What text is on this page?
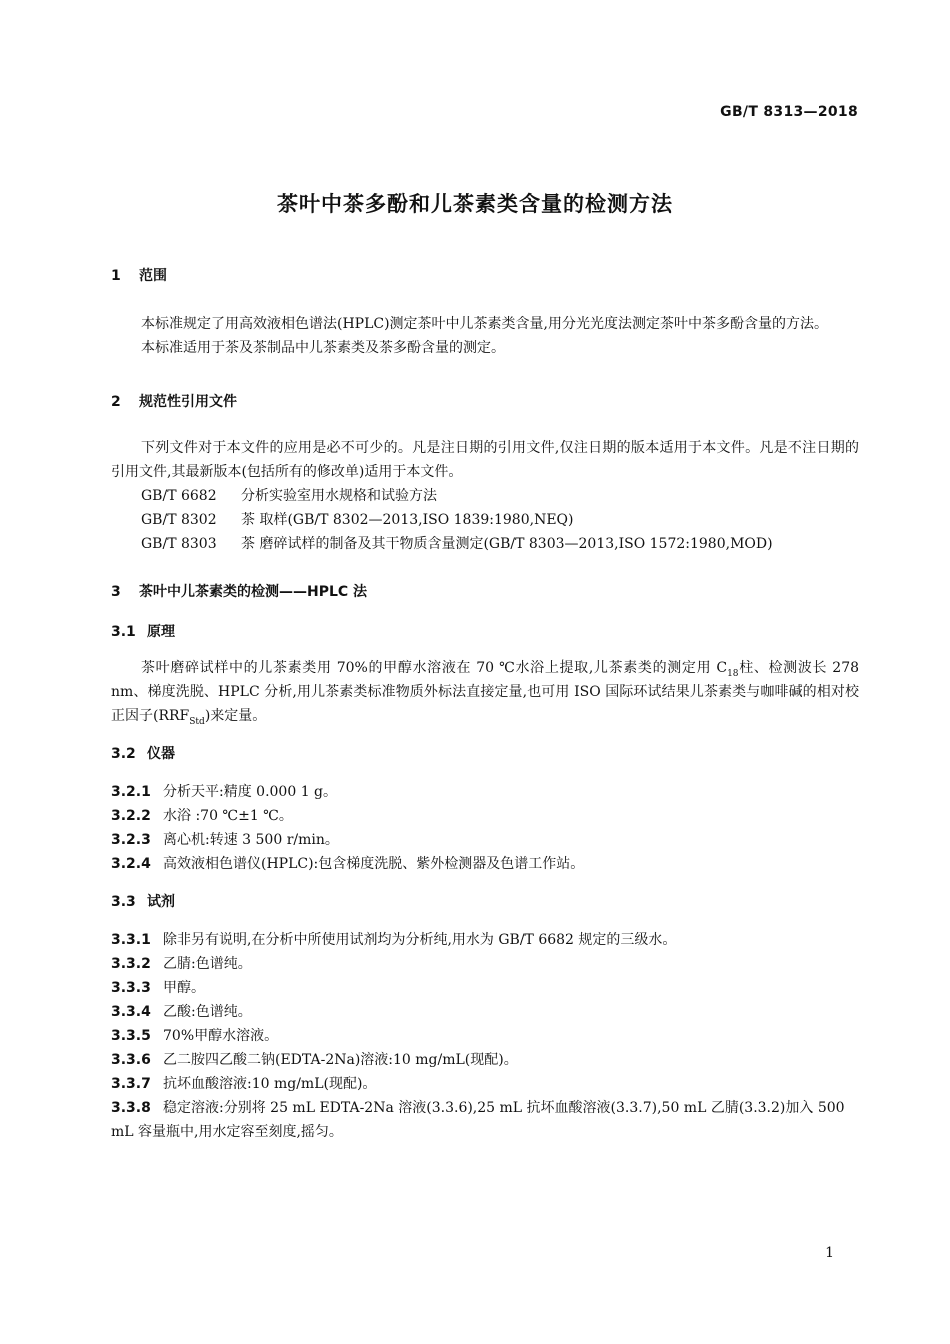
GB/T 8313—2018
茶叶中茶多酚和儿茶素类含量的检测方法
1 范围
本标准规定了用高效液相色谱法(HPLC)测定茶叶中儿茶素类含量,用分光光度法测定茶叶中茶多酚含量的方法。
本标准适用于茶及茶制品中儿茶素类及茶多酚含量的测定。
2 规范性引用文件
下列文件对于本文件的应用是必不可少的。凡是注日期的引用文件,仅注日期的版本适用于本文件。凡是不注日期的引用文件,其最新版本(包括所有的修改单)适用于本文件。
GB/T 6682 分析实验室用水规格和试验方法
GB/T 8302 茶 取样(GB/T 8302—2013,ISO 1839:1980,NEQ)
GB/T 8303 茶 磨碎试样的制备及其干物质含量测定(GB/T 8303—2013,ISO 1572:1980,MOD)
3 茶叶中儿茶素类的检测——HPLC 法
3.1 原理
茶叶磨碎试样中的儿茶素类用 70%的甲醇水溶液在 70 ℃水浴上提取,儿茶素类的测定用 $C_{18}$柱、检测波长 278 nm、梯度洗脱、HPLC 分析,用儿茶素类标准物质外标法直接定量,也可用 ISO 国际环试结果儿茶素类与咖啡碱的相对校正因子$(RRF_{Std})$来定量。
3.2 仪器
3.2.1 分析天平:精度 0.000 1 g。
3.2.2 水浴 :70 ℃±1 ℃。
3.2.3 离心机:转速 3 500 r/min。
3.2.4 高效液相色谱仪(HPLC):包含梯度洗脱、紫外检测器及色谱工作站。
3.3 试剂
3.3.1 除非另有说明,在分析中所使用试剂均为分析纯,用水为 GB/T 6682 规定的三级水。
3.3.2 乙腈:色谱纯。
3.3.3 甲醇。
3.3.4 乙酸:色谱纯。
3.3.5 70%甲醇水溶液。
3.3.6 乙二胺四乙酸二钠(EDTA-2Na)溶液:10 mg/mL(现配)。
3.3.7 抗坏血酸溶液:10 mg/mL(现配)。
3.3.8 稳定溶液:分别将 25 mL EDTA-2Na 溶液(3.3.6),25 mL 抗坏血酸溶液(3.3.7),50 mL 乙腈(3.3.2)加入 500 mL 容量瓶中,用水定容至刻度,摇匀。
1
